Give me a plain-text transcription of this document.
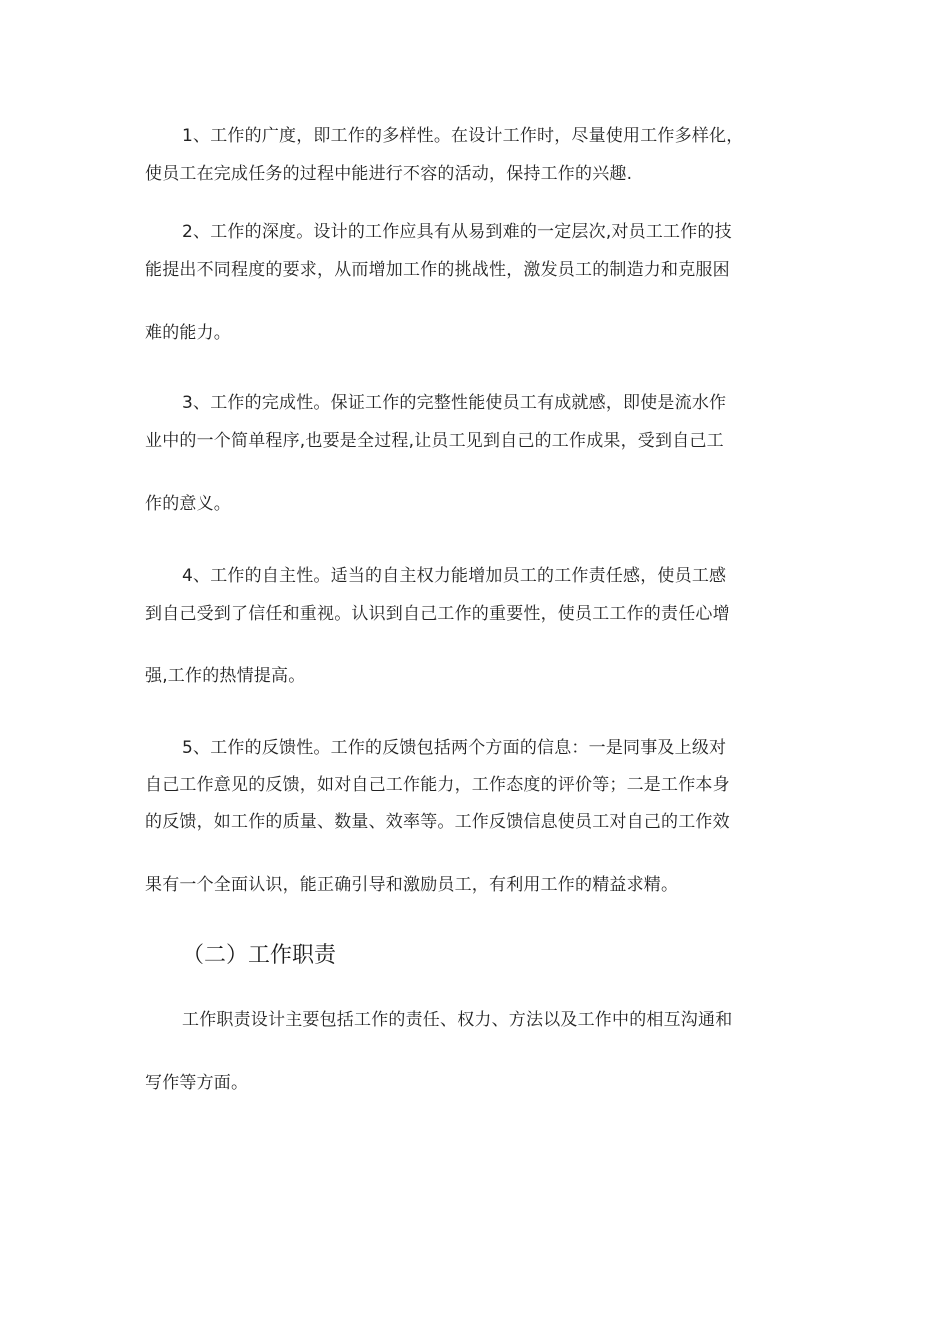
1、工作的广度，即工作的多样性。在设计工作时，尽量使用工作多样化，
使员工在完成任务的过程中能进行不容的活动，保持工作的兴趣.
2、工作的深度。设计的工作应具有从易到难的一定层次,对员工工作的技
能提出不同程度的要求，从而增加工作的挑战性，激发员工的制造力和克服困
难的能力。
3、工作的完成性。保证工作的完整性能使员工有成就感，即使是流水作
业中的一个简单程序,也要是全过程,让员工见到自己的工作成果，受到自己工
作的意义。
4、工作的自主性。适当的自主权力能增加员工的工作责任感，使员工感
到自己受到了信任和重视。认识到自己工作的重要性，使员工工作的责任心增
强,工作的热情提高。
5、工作的反馈性。工作的反馈包括两个方面的信息：一是同事及上级对
自己工作意见的反馈，如对自己工作能力，工作态度的评价等；二是工作本身
的反馈，如工作的质量、数量、效率等。工作反馈信息使员工对自己的工作效
果有一个全面认识，能正确引导和激励员工，有利用工作的精益求精。
（二）工作职责
工作职责设计主要包括工作的责任、权力、方法以及工作中的相互沟通和
写作等方面。
